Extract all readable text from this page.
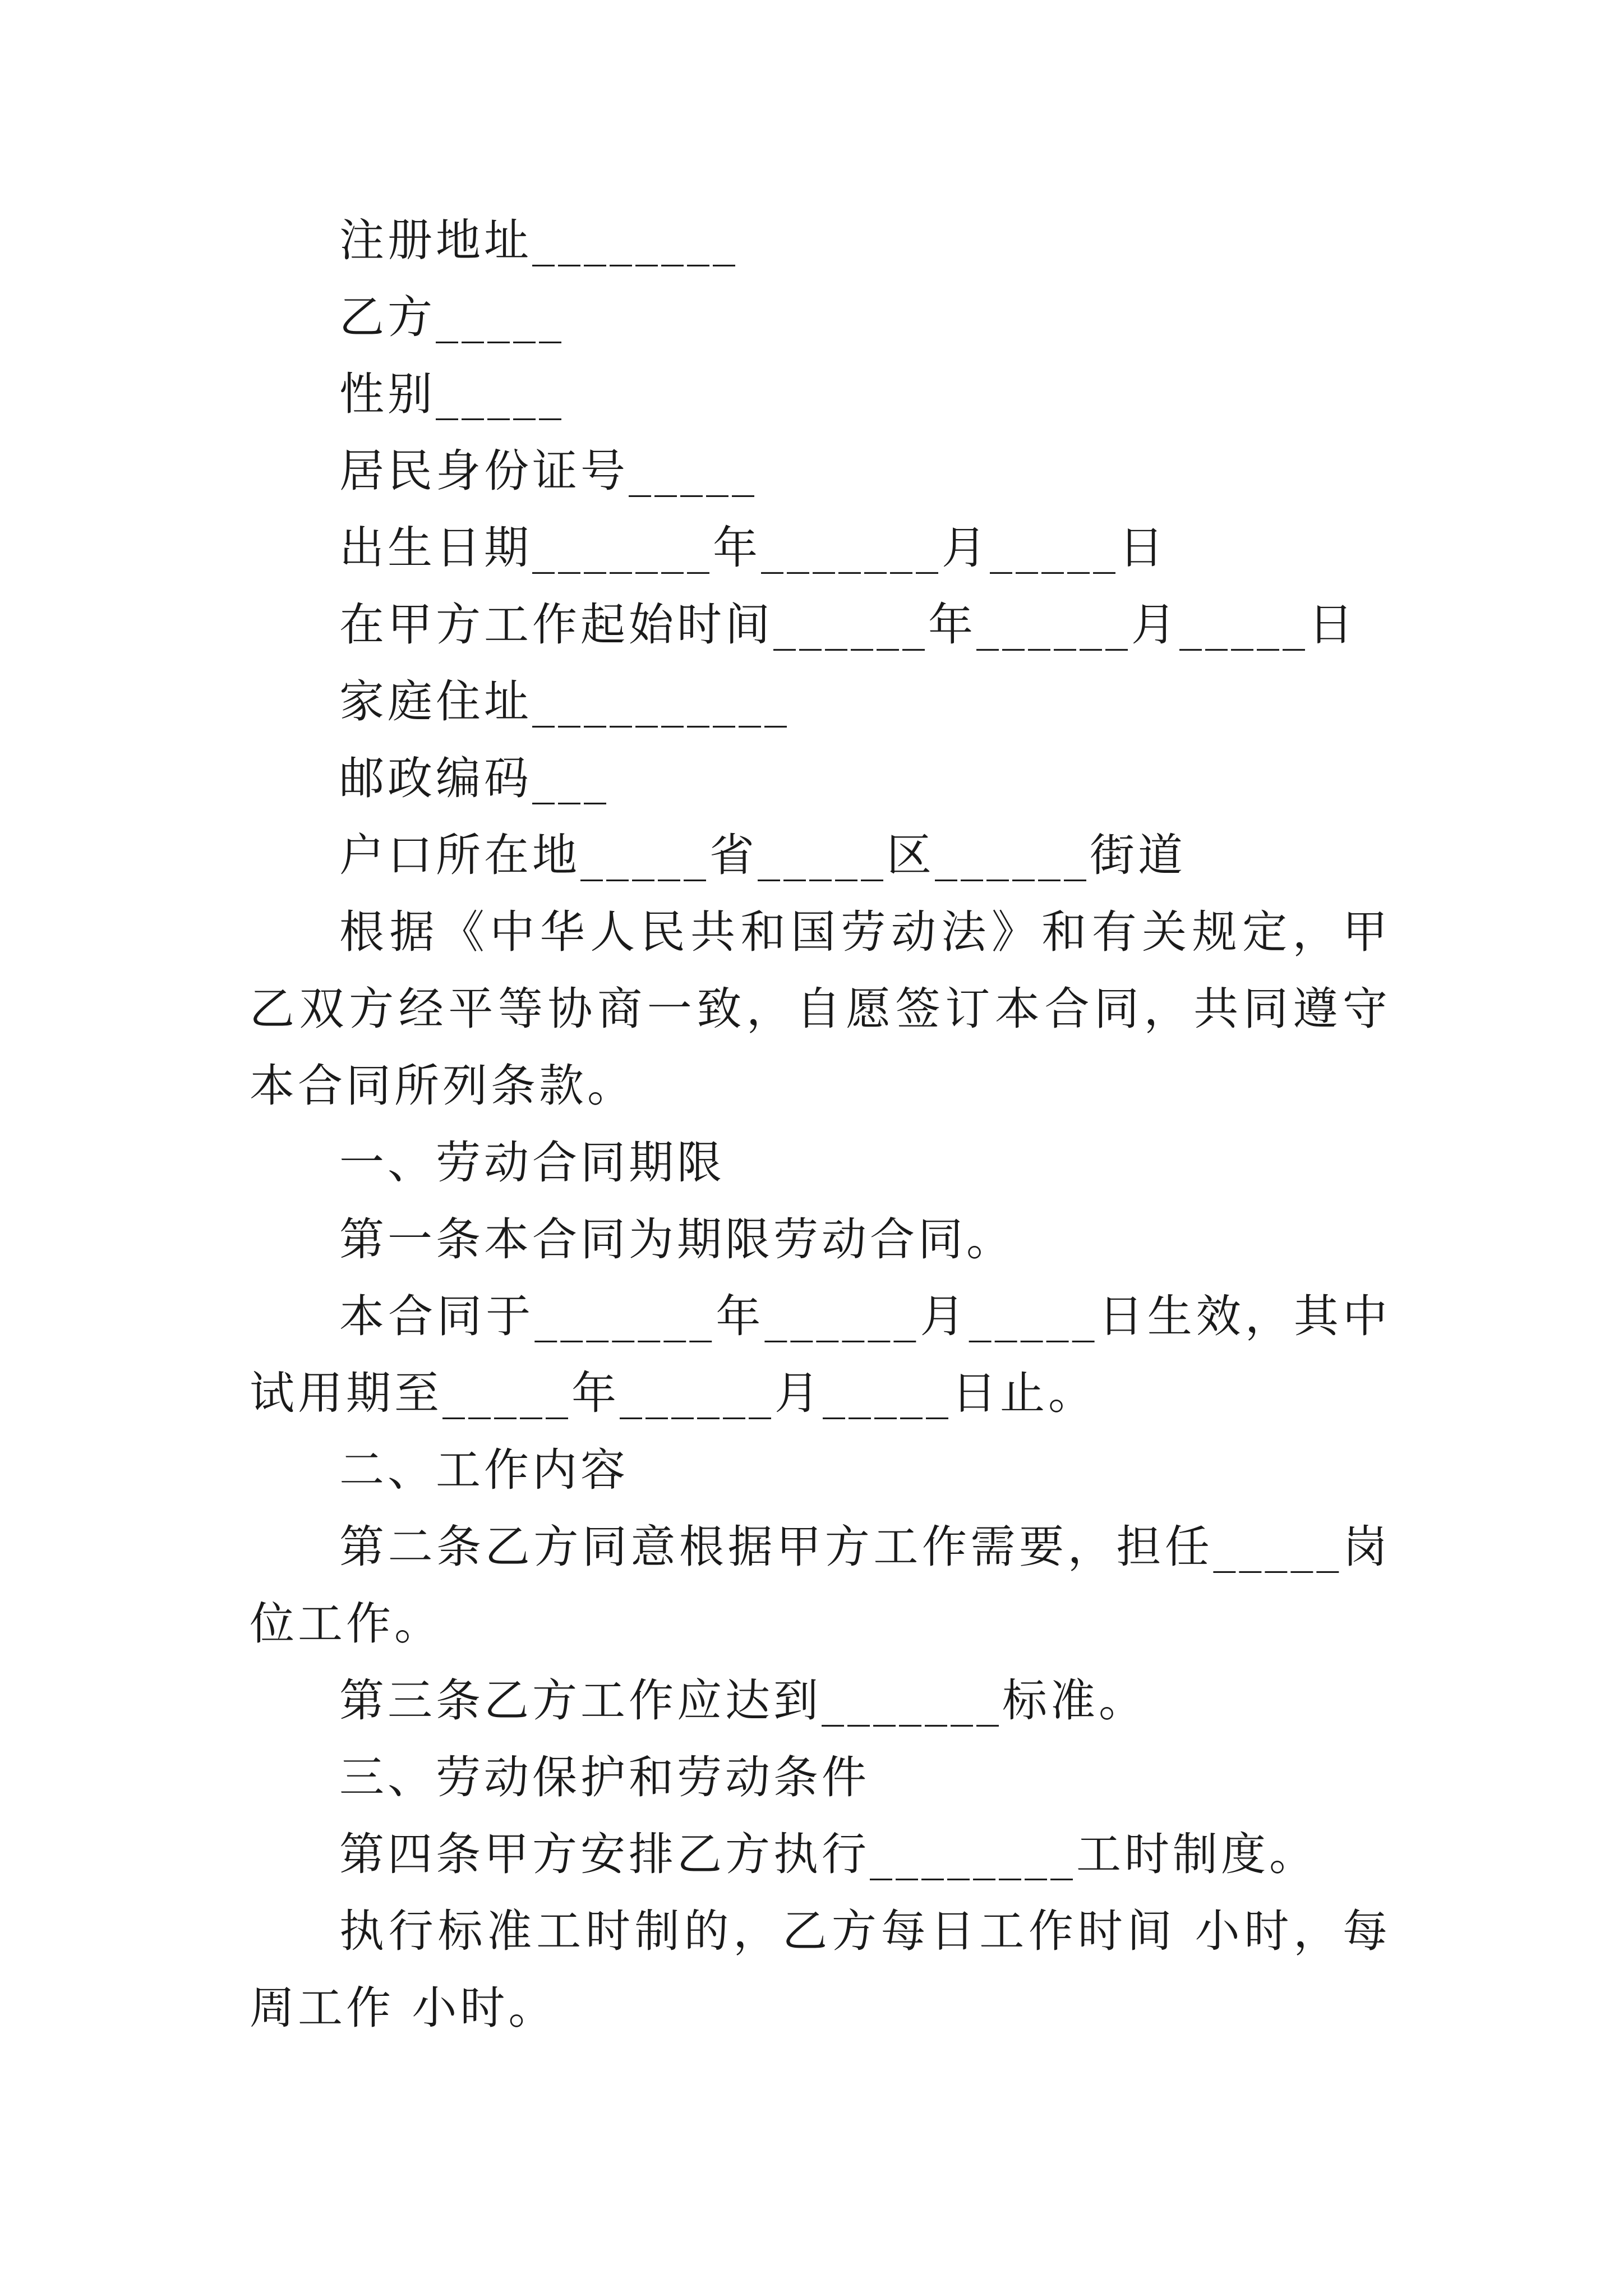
注册地址________

乙方_____

性别_____

居民身份证号_____

出生日期_______年_______月_____日

在甲方工作起始时间______年______月_____日

家庭住址__________

邮政编码___

户口所在地_____省_____区______街道

根据《中华人民共和国劳动法》和有关规定，甲乙双方经平等协商一致，自愿签订本合同，共同遵守本合同所列条款。

一、劳动合同期限

第一条本合同为期限劳动合同。

本合同于_______年______月_____日生效，其中试用期至_____年______月_____日止。

二、工作内容

第二条乙方同意根据甲方工作需要，担任_____岗位工作。

第三条乙方工作应达到_______标准。

三、劳动保护和劳动条件

第四条甲方安排乙方执行________工时制度。

执行标准工时制的，乙方每日工作时间 小时，每周工作 小时。
